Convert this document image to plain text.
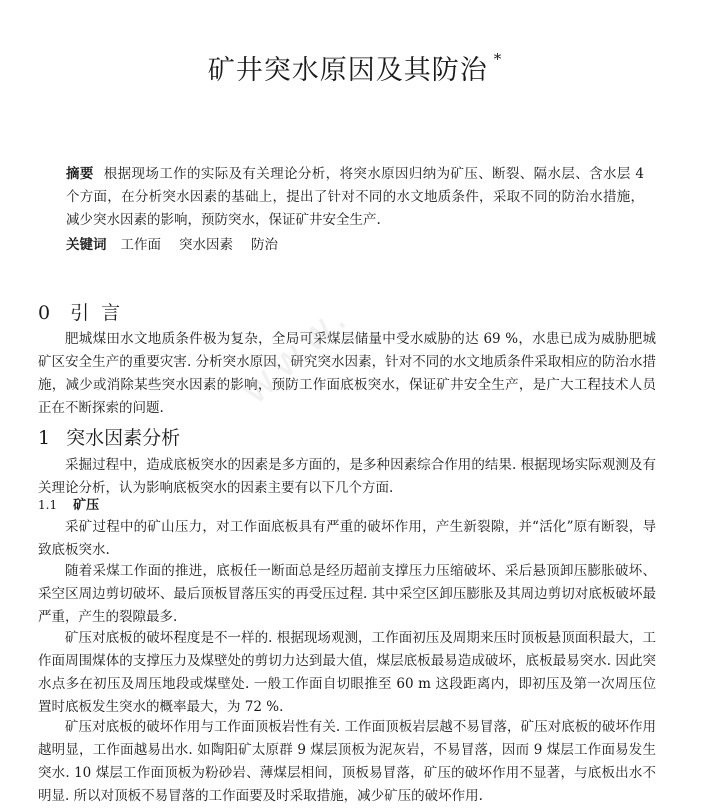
矿井突水原因及其防治 *
摘要 根据现场工作的实际及有关理论分析，将突水原因归纳为矿压、断裂、隔水层、含水层 4 个方面，在分析突水因素的基础上，提出了针对不同的水文地质条件，采取不同的防治水措施，减少突水因素的影响，预防突水，保证矿井安全生产.
关键词 工作面 突水因素 防治
0 引言
肥城煤田水文地质条件极为复杂，全局可采煤层储量中受水威胁的达 69 %，水患已成为威胁肥城矿区安全生产的重要灾害. 分析突水原因，研究突水因素，针对不同的水文地质条件采取相应的防治水措施，减少或消除某些突水因素的影响，预防工作面底板突水，保证矿井安全生产，是广大工程技术人员正在不断探索的问题.
1 突水因素分析
采掘过程中，造成底板突水的因素是多方面的，是多种因素综合作用的结果. 根据现场实际观测及有关理论分析，认为影响底板突水的因素主要有以下几个方面.
1.1 矿压
采矿过程中的矿山压力，对工作面底板具有严重的破坏作用，产生新裂隙，并“活化”原有断裂，导致底板突水.
随着采煤工作面的推进，底板任一断面总是经历超前支撑压力压缩破坏、采后悬顶卸压膨胀破坏、采空区周边剪切破坏、最后顶板冒落压实的再受压过程. 其中采空区卸压膨胀及其周边剪切对底板破坏最严重，产生的裂隙最多.
矿压对底板的破坏程度是不一样的. 根据现场观测，工作面初压及周期来压时顶板悬顶面积最大，工作面周围煤体的支撑压力及煤壁处的剪切力达到最大值，煤层底板最易造成破坏，底板最易突水. 因此突水点多在初压及周压地段或煤壁处. 一般工作面自切眼推至 60 m 这段距离内，即初压及第一次周压位置时底板发生突水的概率最大，为 72 %.
矿压对底板的破坏作用与工作面顶板岩性有关. 工作面顶板岩层越不易冒落，矿压对底板的破坏作用越明显，工作面越易出水. 如陶阳矿太原群 9 煤层顶板为泥灰岩，不易冒落，因而 9 煤层工作面易发生突水. 10 煤层工作面顶板为粉砂岩、薄煤层相间，顶板易冒落，矿压的破坏作用不显著，与底板出水不明显. 所以对顶板不易冒落的工作面要及时采取措施，减少矿压的破坏作用.
www.
